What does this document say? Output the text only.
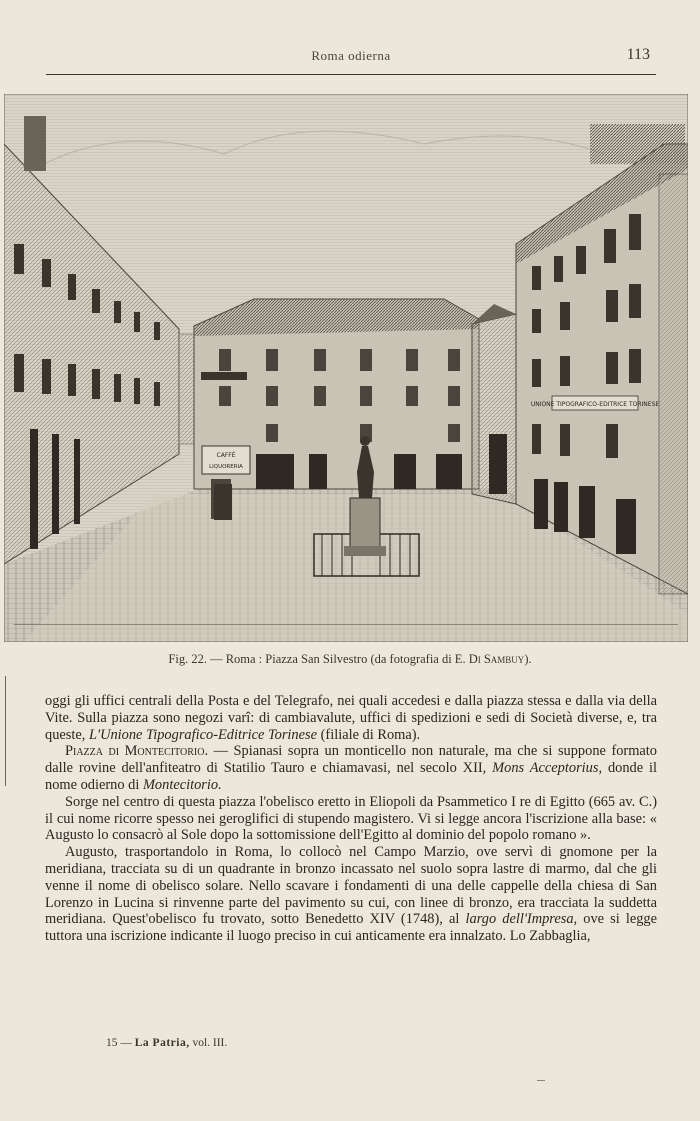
Roma odierna	113
CAFFÈ
LIQUORERIA
UNIONE TIPOGRAFICO-EDITRICE TORINESE
Fig. 22. — Roma : Piazza San Silvestro (da fotografia di E. Di Sambuy).

oggi gli uffici centrali della Posta e del Telegrafo, nei quali accedesi e dalla piazza stessa e dalla via della Vite. Sulla piazza sono negozi varî: di cambiavalute, uffici di spedizioni e sedi di Società diverse, e, tra queste, L'Unione Tipografico-Editrice Torinese (filiale di Roma).

Piazza di Montecitorio. — Spianasi sopra un monticello non naturale, ma che si suppone formato dalle rovine dell'anfiteatro di Statilio Tauro e chiamavasi, nel secolo XII, Mons Acceptorius, donde il nome odierno di Montecitorio.

Sorge nel centro di questa piazza l'obelisco eretto in Eliopoli da Psammetico I re di Egitto (665 av. C.) il cui nome ricorre spesso nei geroglifici di stupendo magistero. Vi si legge ancora l'iscrizione alla base: « Augusto lo consacrò al Sole dopo la sottomissione dell'Egitto al dominio del popolo romano ».

Augusto, trasportandolo in Roma, lo collocò nel Campo Marzio, ove servì di gnomone per la meridiana, tracciata su di un quadrante in bronzo incassato nel suolo sopra lastre di marmo, dal che gli venne il nome di obelisco solare. Nello scavare i fondamenti di una delle cappelle della chiesa di San Lorenzo in Lucina si rinvenne parte del pavimento su cui, con linee di bronzo, era tracciata la suddetta meridiana. Quest'obelisco fu trovato, sotto Benedetto XIV (1748), al largo dell'Impresa, ove si legge tuttora una iscrizione indicante il luogo preciso in cui anticamente era innalzato. Lo Zabbaglia,

15 — La Patria, vol. III.
